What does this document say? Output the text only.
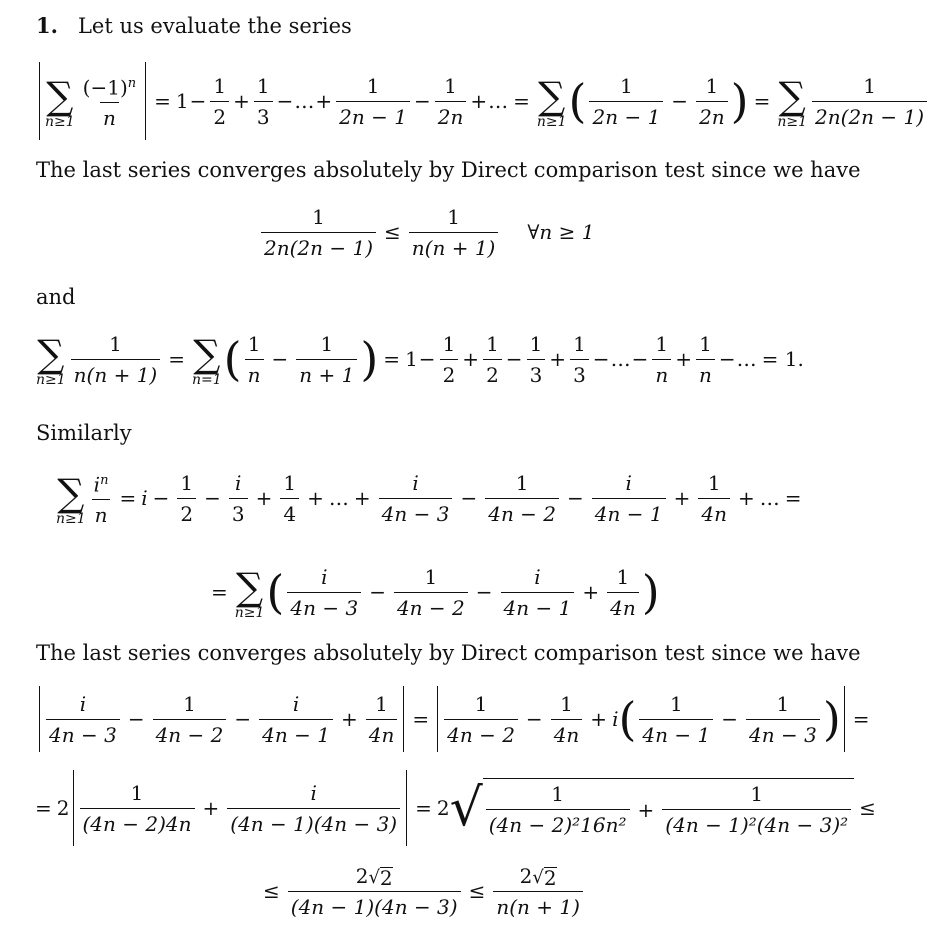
1. Let us evaluate the series
The last series converges absolutely by Direct comparison test since we have
and
Similarly
The last series converges absolutely by Direct comparison test since we have
∑
$n\ge 1 \frac{(-1)^n}{n} = 1 - \frac{1}{2} + \frac{1}{3}$ − … + $\frac{1}{2n - 1} - \frac{1}{2n}$ + … = ∑
n≥1 ( $\frac{1}{2n - 1} - \frac{1}{2n}$ ) = ∑
$n\ge 1 \frac{1}{2n(2n - 1)}$
$\frac{1}{2n(2n - 1)} \le \frac{1}{n(n + 1)}$ ∀n ≥ 1
∑
$n\ge 1 \frac{1}{n(n + 1)}$ = ∑
n=1 ( $\frac{1}{n} - \frac{1}{n + 1}$ ) = $1 - \frac{1}{2} + \frac{1}{2} - \frac{1}{3} + \frac{1}{3}$ − … − $\frac{1}{n} + \frac{1}{n}$ − … = 1.
∑
$n\ge 1 \frac{i^n}{n} = i - \frac{1}{2} - \frac{i}{3} + \frac{1}{4}$ + … + $\frac{i}{4n - 3} - \frac{1}{4n - 2} - \frac{i}{4n - 1} + \frac{1}{4n}$ + … =
= ∑
n≥1 ( $\frac{i}{4n - 3} - \frac{1}{4n - 2} - \frac{i}{4n - 1} + \frac{1}{4n}$ )
$\frac{i}{4n - 3} - \frac{1}{4n - 2} - \frac{i}{4n - 1} + \frac{1}{4n} = \frac{1}{4n - 2} - \frac{1}{4n} + i$ ( $\frac{1}{4n - 1} - \frac{1}{4n - 3}$ ) =
= $2 \frac{1}{(4n - 2)4n} + \frac{i}{(4n - 1)(4n - 3)} = 2$ √ $\frac{1}{\text{(4n − 2)²16n²}} + \frac{1}{\text{(4n − 1)²(4n − 3)²}}$ ≤
≤ $\frac{2 √ 2}{(4n - 1)(4n - 3)} \le \frac{2 √ 2}{n(n + 1)}$
